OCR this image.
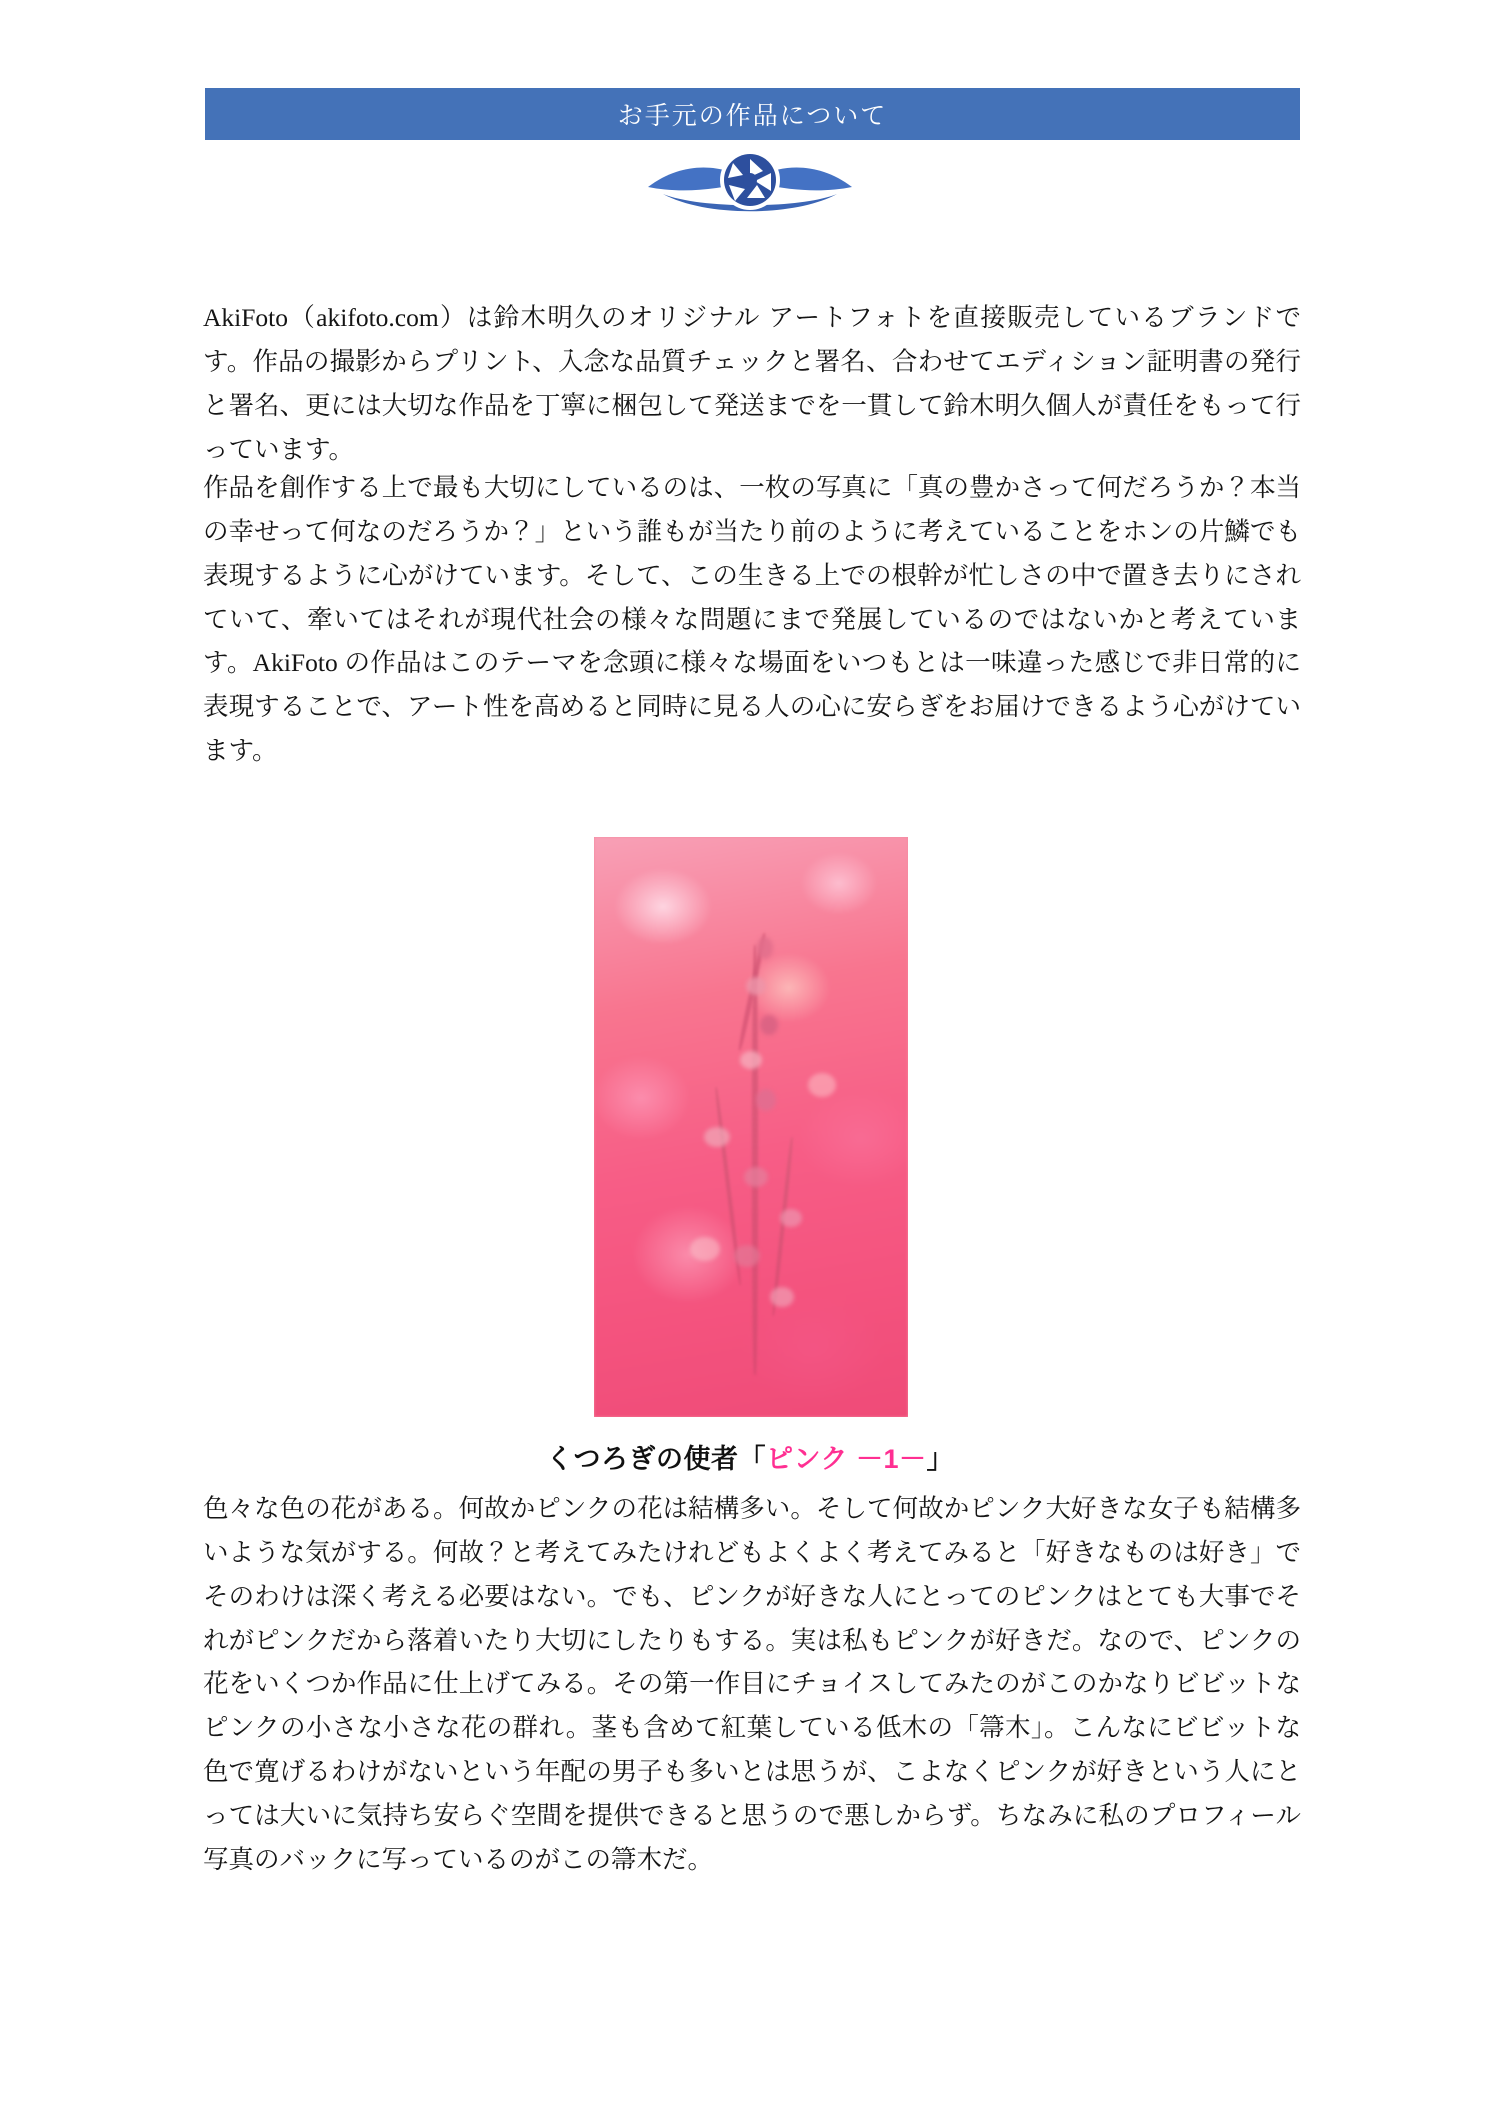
お手元の作品について

AkiFoto（akifoto.com）は鈴木明久のオリジナル アートフォトを直接販売しているブランドです。作品の撮影からプリント、入念な品質チェックと署名、合わせてエディション証明書の発行と署名、更には大切な作品を丁寧に梱包して発送までを一貫して鈴木明久個人が責任をもって行っています。

作品を創作する上で最も大切にしているのは、一枚の写真に「真の豊かさって何だろうか？本当の幸せって何なのだろうか？」という誰もが当たり前のように考えていることをホンの片鱗でも表現するように心がけています。そして、この生きる上での根幹が忙しさの中で置き去りにされていて、牽いてはそれが現代社会の様々な問題にまで発展しているのではないかと考えています。AkiFoto の作品はこのテーマを念頭に様々な場面をいつもとは一味違った感じで非日常的に表現することで、アート性を高めると同時に見る人の心に安らぎをお届けできるよう心がけています。

くつろぎの使者「ピンク －1－」

色々な色の花がある。何故かピンクの花は結構多い。そして何故かピンク大好きな女子も結構多いような気がする。何故？と考えてみたけれどもよくよく考えてみると「好きなものは好き」でそのわけは深く考える必要はない。でも、ピンクが好きな人にとってのピンクはとても大事でそれがピンクだから落着いたり大切にしたりもする。実は私もピンクが好きだ。なので、ピンクの花をいくつか作品に仕上げてみる。その第一作目にチョイスしてみたのがこのかなりビビットなピンクの小さな小さな花の群れ。茎も含めて紅葉している低木の「箒木」。こんなにビビットな色で寛げるわけがないという年配の男子も多いとは思うが、こよなくピンクが好きという人にとっては大いに気持ち安らぐ空間を提供できると思うので悪しからず。ちなみに私のプロフィール写真のバックに写っているのがこの箒木だ。
